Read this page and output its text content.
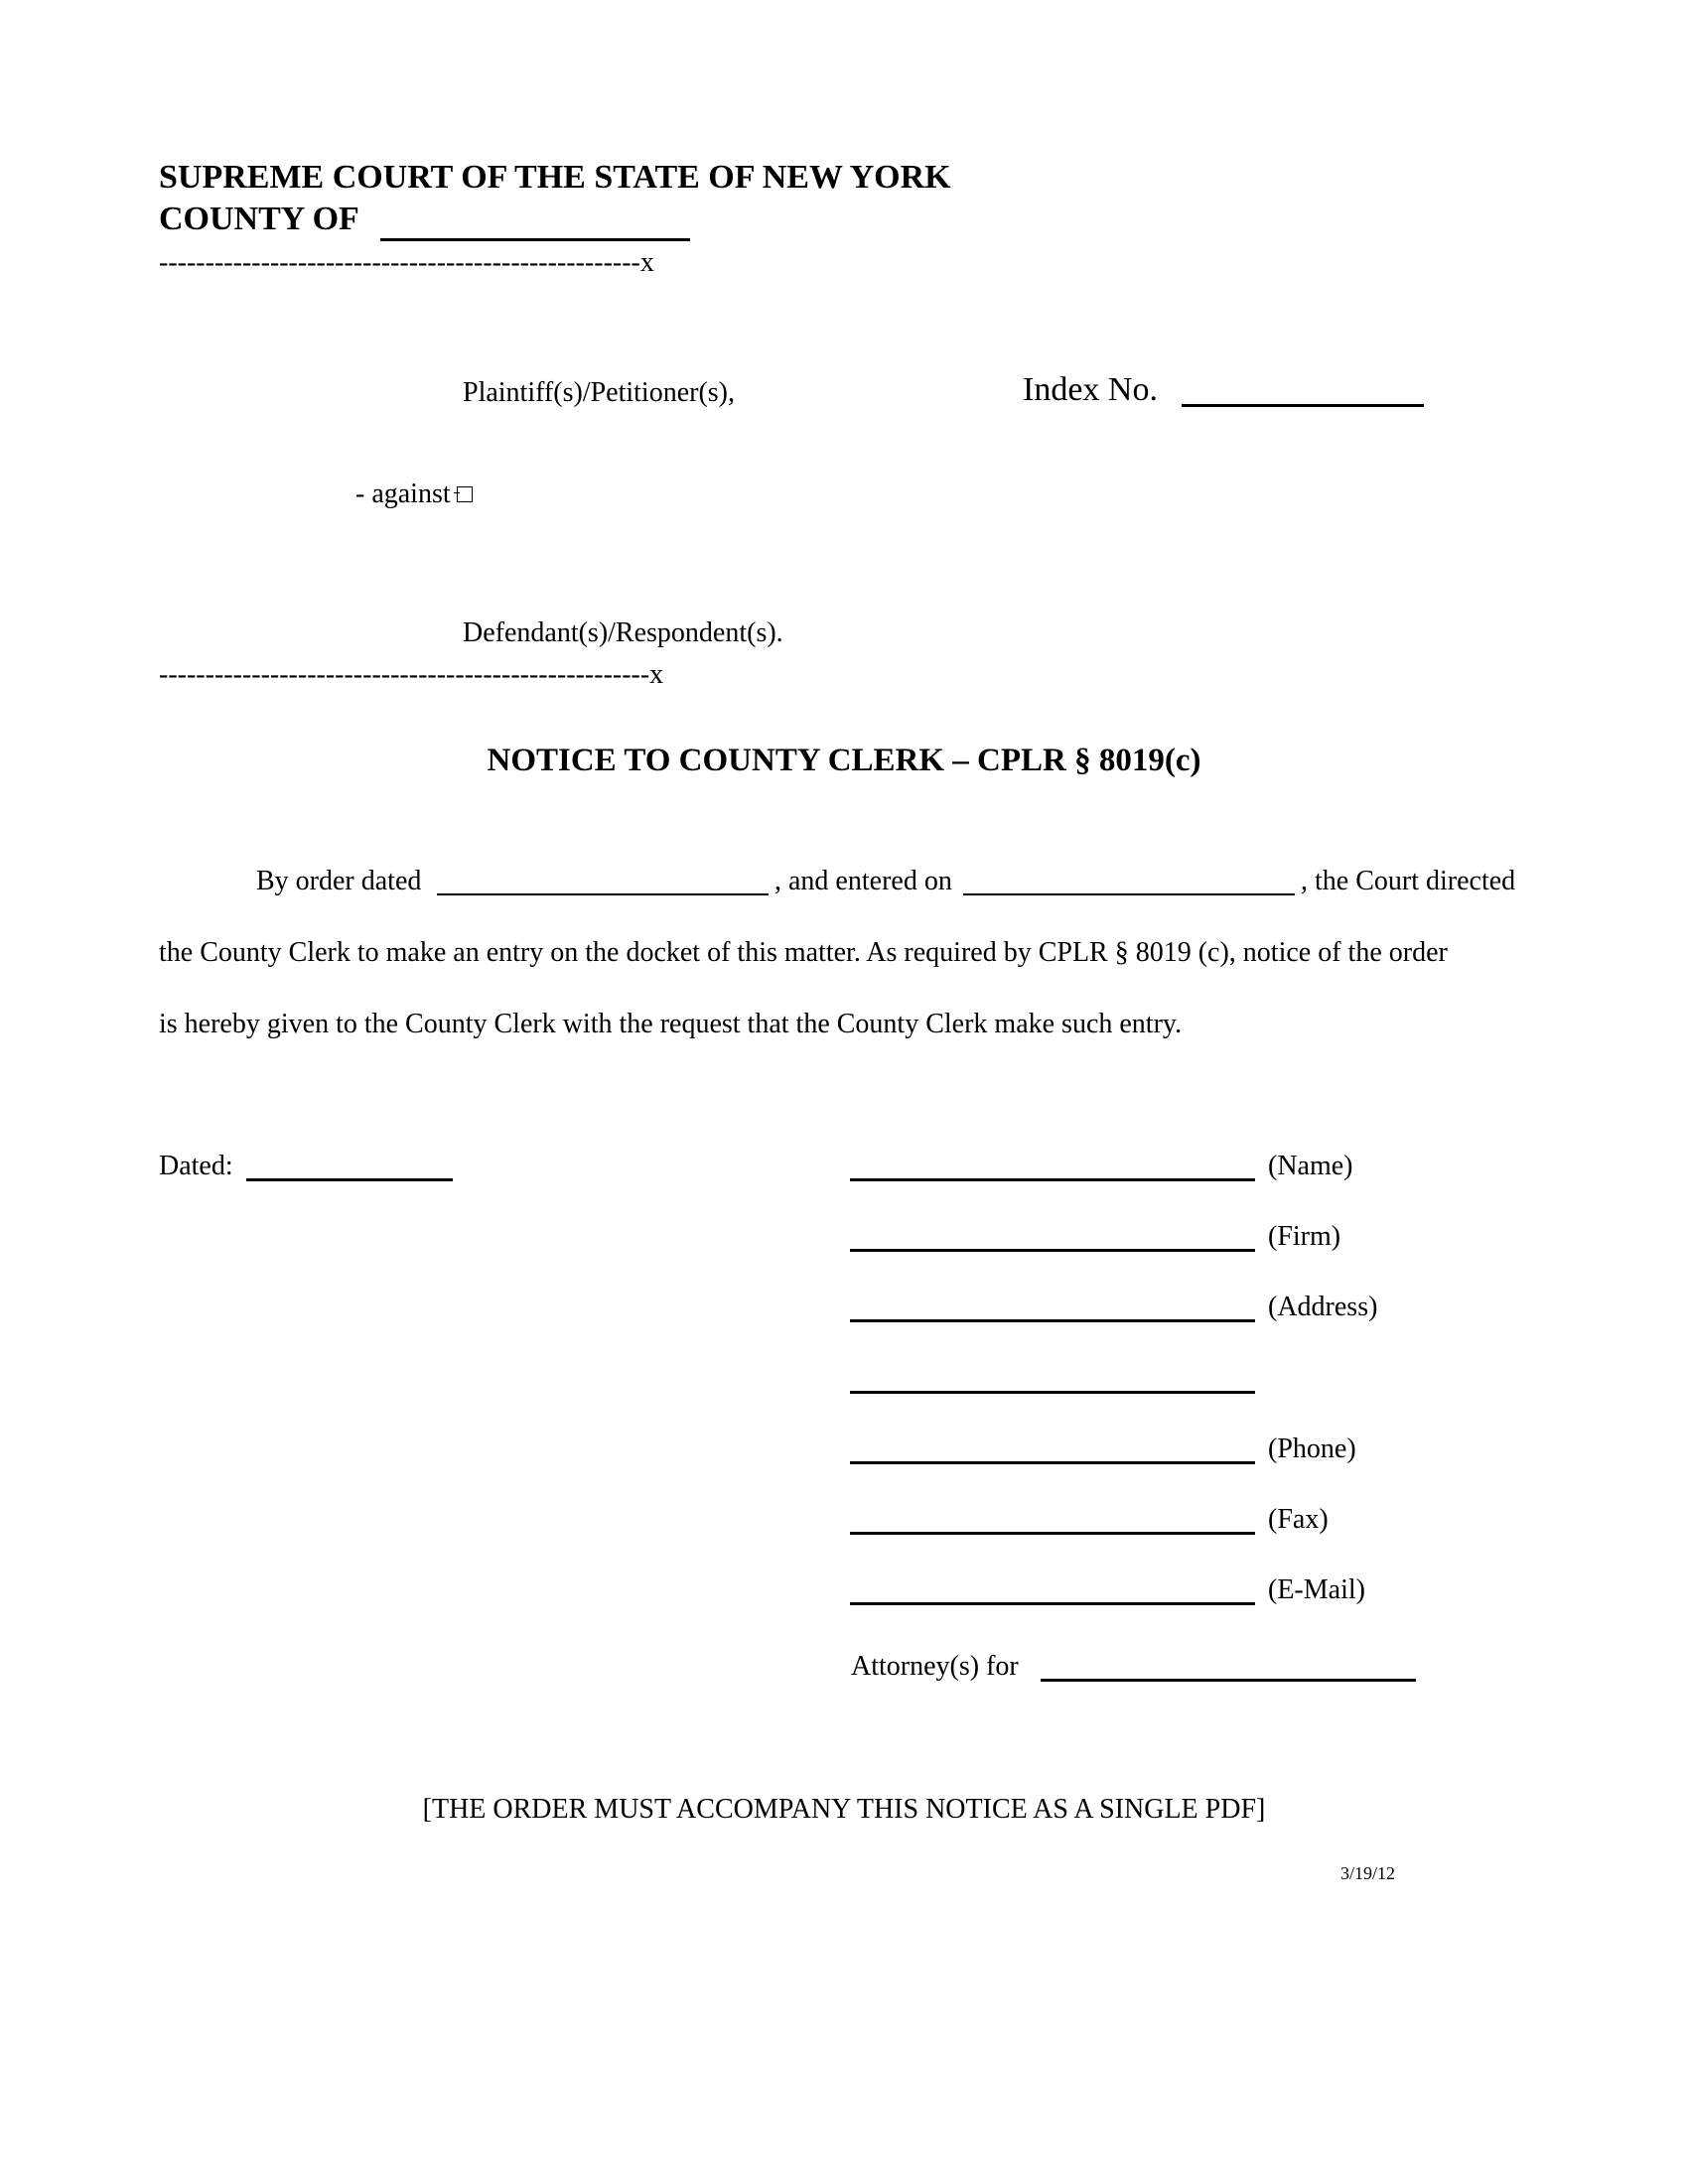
SUPREME COURT OF THE STATE OF NEW YORK
COUNTY OF
----------------------------------------------------x
Plaintiff(s)/Petitioner(s),	Index No.
- against
Defendant(s)/Respondent(s).
-----------------------------------------------------x
NOTICE TO COUNTY CLERK – CPLR § 8019(c)
By order dated	, and entered on	, the Court directed
the County Clerk to make an entry on the docket of this matter. As required by CPLR § 8019 (c), notice of the order
is hereby given to the County Clerk with the request that the County Clerk make such entry.
Dated:	(Name)
(Firm)
(Address)
(Phone)
(Fax)
(E-Mail)
Attorney(s) for
[THE ORDER MUST ACCOMPANY THIS NOTICE AS A SINGLE PDF]
3/19/12
